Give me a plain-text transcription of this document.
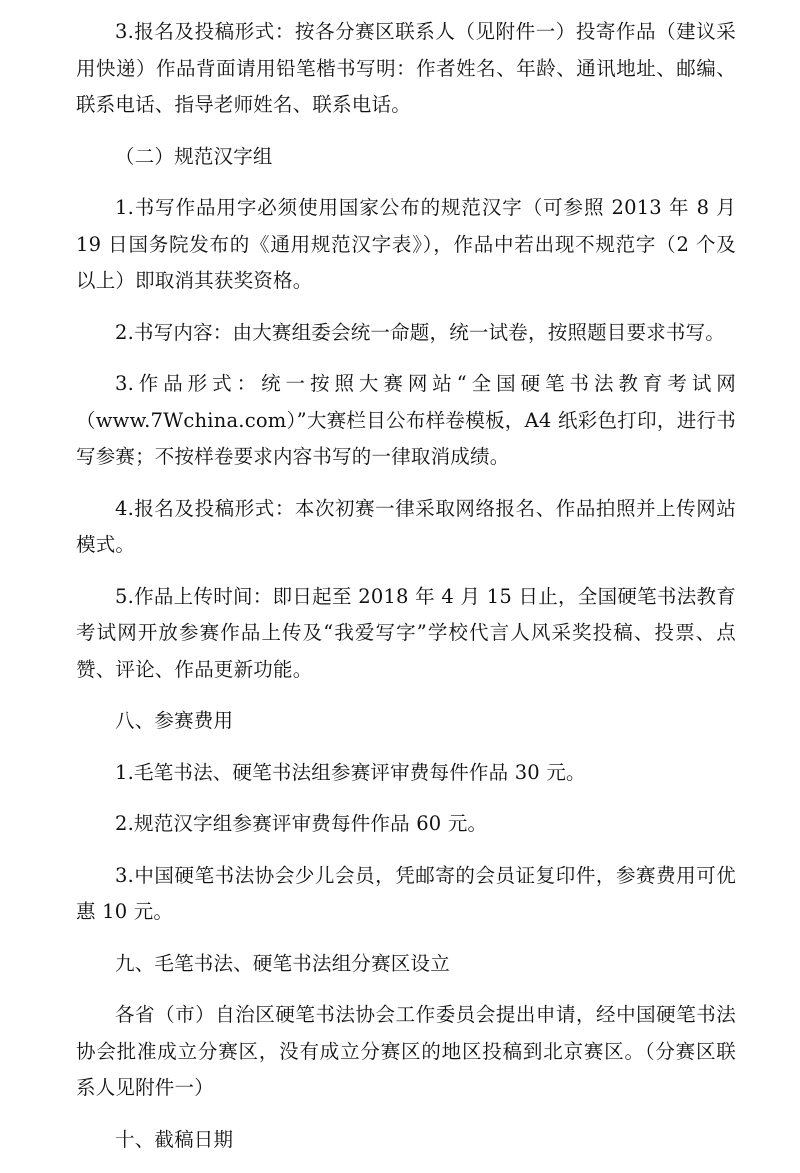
3.报名及投稿形式：按各分赛区联系人（见附件一）投寄作品（建议采用快递）作品背面请用铅笔楷书写明：作者姓名、年龄、通讯地址、邮编、联系电话、指导老师姓名、联系电话。

（二）规范汉字组

1.书写作品用字必须使用国家公布的规范汉字（可参照 2013 年 8 月 19 日国务院发布的《通用规范汉字表》），作品中若出现不规范字（2 个及以上）即取消其获奖资格。

2.书写内容：由大赛组委会统一命题，统一试卷，按照题目要求书写。

3.作品形式：统一按照大赛网站“全国硬笔书法教育考试网（www.7Wchina.com）”大赛栏目公布样卷模板，A4 纸彩色打印，进行书写参赛；不按样卷要求内容书写的一律取消成绩。

4.报名及投稿形式：本次初赛一律采取网络报名、作品拍照并上传网站模式。

5.作品上传时间：即日起至 2018 年 4 月 15 日止，全国硬笔书法教育考试网开放参赛作品上传及“我爱写字”学校代言人风采奖投稿、投票、点赞、评论、作品更新功能。

八、参赛费用

1.毛笔书法、硬笔书法组参赛评审费每件作品 30 元。

2.规范汉字组参赛评审费每件作品 60 元。

3.中国硬笔书法协会少儿会员，凭邮寄的会员证复印件，参赛费用可优惠 10 元。

九、毛笔书法、硬笔书法组分赛区设立

各省（市）自治区硬笔书法协会工作委员会提出申请，经中国硬笔书法协会批准成立分赛区，没有成立分赛区的地区投稿到北京赛区。（分赛区联系人见附件一）

十、截稿日期
